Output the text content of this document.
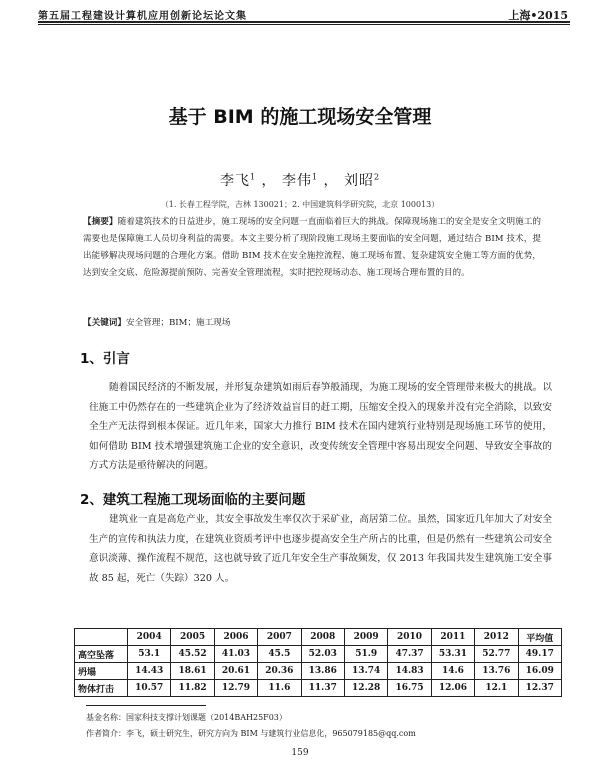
第五届工程建设计算机应用创新论坛论文集	上海•2015
基于 BIM 的施工现场安全管理
李飞$^1$ ， 李伟$^1$ ， 刘昭$^2$
（1. 长春工程学院，吉林 130021；2. 中国建筑科学研究院，北京 100013）
【摘要】随着建筑技术的日益进步，施工现场的安全问题一直面临着巨大的挑战。保障现场施工的安全是安全文明施工的需要也是保障施工人员切身利益的需要。本文主要分析了现阶段施工现场主要面临的安全问题，通过结合 BIM 技术，提出能够解决现场问题的合理化方案。借助 BIM 技术在安全施控流程、施工现场布置、复杂建筑安全施工等方面的优势，达到安全交底、危险源提前预防、完善安全管理流程，实时把控现场动态、施工现场合理布置的目的。
【关键词】安全管理；BIM；施工现场
1、引言
随着国民经济的不断发展，并形复杂建筑如雨后春笋般涌现，为施工现场的安全管理带来极大的挑战。以往施工中仍然存在的一些建筑企业为了经济效益盲目的赶工期，压缩安全投入的现象并没有完全消除，以致安全生产无法得到根本保证。近几年来，国家大力推行 BIM 技术在国内建筑行业特别是现场施工环节的使用，如何借助 BIM 技术增强建筑施工企业的安全意识，改变传统安全管理中容易出现安全问题、导致安全事故的方式方法是亟待解决的问题。
2、建筑工程施工现场面临的主要问题
建筑业一直是高危产业，其安全事故发生率仅次于采矿业，高居第二位。虽然，国家近几年加大了对安全生产的宣传和执法力度，在建筑业资质考评中也逐步提高安全生产所占的比重，但是仍然有一些建筑公司安全意识淡薄、操作流程不规范，这也就导致了近几年安全生产事故频发，仅 2013 年我国共发生建筑施工安全事故 85 起，死亡（失踪）320 人。
	2004	2005	2006	2007	2008	2009	2010	2011	2012	平均值
高空坠落	53.1	45.52	41.03	45.5	52.03	51.9	47.37	53.31	52.77	49.17
坍塌	14.43	18.61	20.61	20.36	13.86	13.74	14.83	14.6	13.76	16.09
物体打击	10.57	11.82	12.79	11.6	11.37	12.28	16.75	12.06	12.1	12.37
基金名称：国家科技支撑计划课题（2014BAH25F03）
作者简介：李飞，硕士研究生，研究方向为 BIM 与建筑行业信息化，965079185@qq.com
159
